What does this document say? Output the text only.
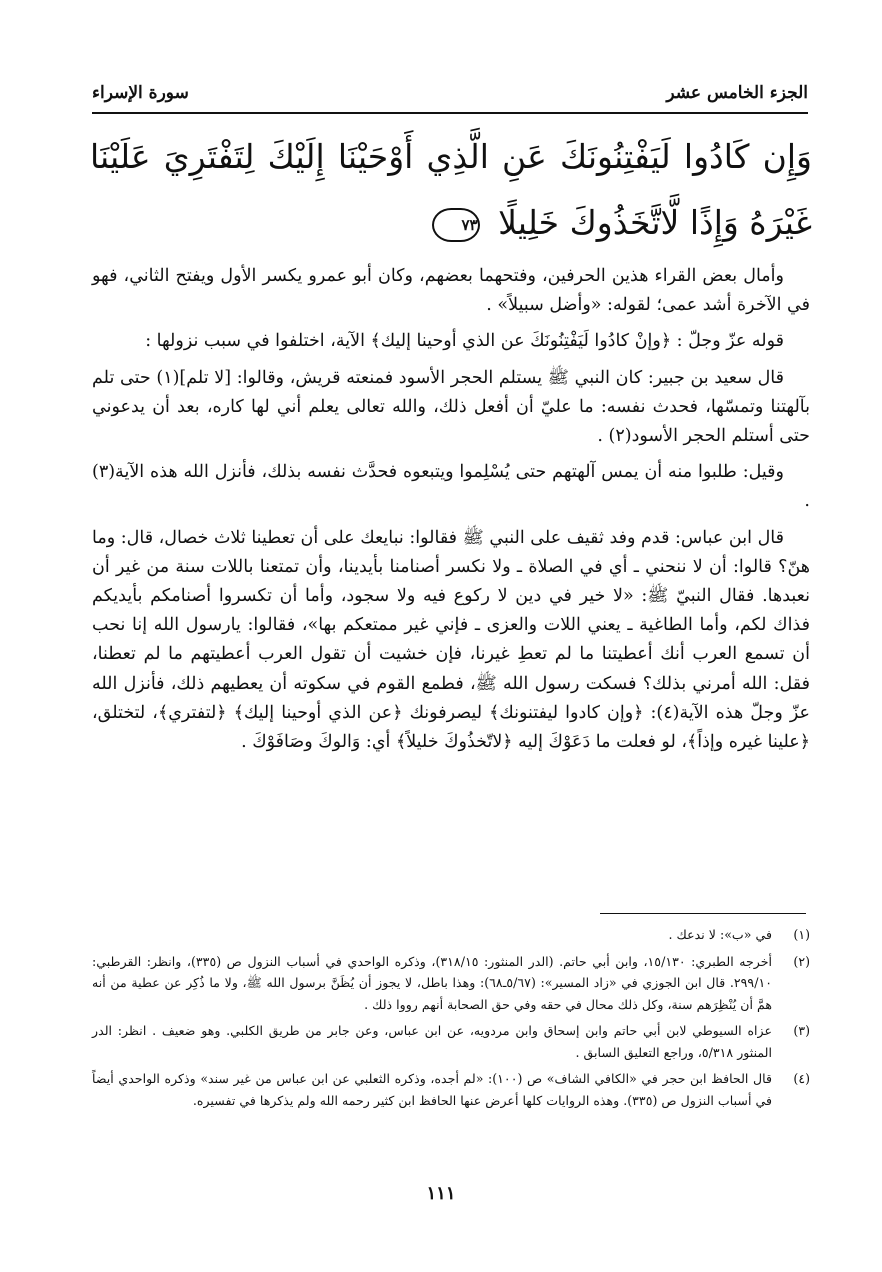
سورة الإسراء	الجزء الخامس عشر
وَإِن كَادُوا لَيَفْتِنُونَكَ عَنِ الَّذِي أَوْحَيْنَا إِلَيْكَ لِتَفْتَرِيَ عَلَيْنَا غَيْرَهُ وَإِذًا لَّاتَّخَذُوكَ خَلِيلًا ٧٣

وأمال بعض القراء هذين الحرفين، وفتحهما بعضهم، وكان أبو عمرو يكسر الأول ويفتح الثاني، فهو في الآخرة أشد عمى؛ لقوله: «وأضل سبيلاً» .

قوله عزّ وجلّ : ﴿وإنْ كادُوا لَيَفْتِنُونَكَ عن الذي أوحينا إليك﴾ الآية، اختلفوا في سبب نزولها :

قال سعيد بن جبير: كان النبي ﷺ يستلم الحجر الأسود فمنعته قريش، وقالوا: [لا تلم](١) حتى تلم بآلهتنا وتمسّها، فحدث نفسه: ما عليّ أن أفعل ذلك، والله تعالى يعلم أني لها كاره، بعد أن يدعوني حتى أستلم الحجر الأسود(٢) .

وقيل: طلبوا منه أن يمس آلهتهم حتى يُسْلِموا ويتبعوه فحدَّث نفسه بذلك، فأنزل الله هذه الآية(٣) .

قال ابن عباس: قدم وفد ثقيف على النبي ﷺ فقالوا: نبايعك على أن تعطينا ثلاث خصال، قال: وما هنّ؟ قالوا: أن لا ننحني ـ أي في الصلاة ـ ولا نكسر أصنامنا بأيدينا، وأن تمتعنا باللات سنة من غير أن نعبدها. فقال النبيّ ﷺ: «لا خير في دين لا ركوع فيه ولا سجود، وأما أن تكسروا أصنامكم بأيديكم فذاك لكم، وأما الطاغية ـ يعني اللات والعزى ـ فإني غير ممتعكم بها»، فقالوا: يارسول الله إنا نحب أن تسمع العرب أنك أعطيتنا ما لم تعطِ غيرنا، فإن خشيت أن تقول العرب أعطيتهم ما لم تعطنا، فقل: الله أمرني بذلك؟ فسكت رسول الله ﷺ، فطمع القوم في سكوته أن يعطيهم ذلك، فأنزل الله عزّ وجلّ هذه الآية(٤): ﴿وإن كادوا ليفتنونك﴾ ليصرفونك ﴿عن الذي أوحينا إليك﴾ ﴿لتفتري﴾، لتختلق، ﴿علينا غيره وإذاً﴾، لو فعلت ما دَعَوْكَ إليه ﴿لاتّخذُوكَ خليلاً﴾ أي: وَالوكَ وصَافَوْكَ .

(١)
في «ب»: لا ندعك .
(٢)
أخرجه الطبري: ١٥/١٣٠، وابن أبي حاتم. (الدر المنثور: ٣١٨/١٥)، وذكره الواحدي في أسباب النزول ص (٣٣٥)، وانظر: القرطبي: ٢٩٩/١٠. قال ابن الجوزي في «زاد المسير»: (٥/٦٧ـ٦٨): وهذا باطل، لا يجوز أن يُظَنَّ برسول الله ﷺ، ولا ما ذُكِر عن عطية من أنه همَّ أن يُنْظِرَهم سنة، وكل ذلك محال في حقه وفي حق الصحابة أنهم رووا ذلك .
(٣)
عزاه السيوطي لابن أبي حاتم وابن إسحاق وابن مردويه، عن ابن عباس، وعن جابر من طريق الكلبي. وهو ضعيف . انظر: الدر المنثور ٥/٣١٨، وراجع التعليق السابق .
(٤)
قال الحافظ ابن حجر في «الكافي الشاف» ص (١٠٠): «لم أجده، وذكره الثعلبي عن ابن عباس من غير سند» وذكره الواحدي أيضاً في أسباب النزول ص (٣٣٥). وهذه الروايات كلها أعرض عنها الحافظ ابن كثير رحمه الله ولم يذكرها في تفسيره.
١١١
